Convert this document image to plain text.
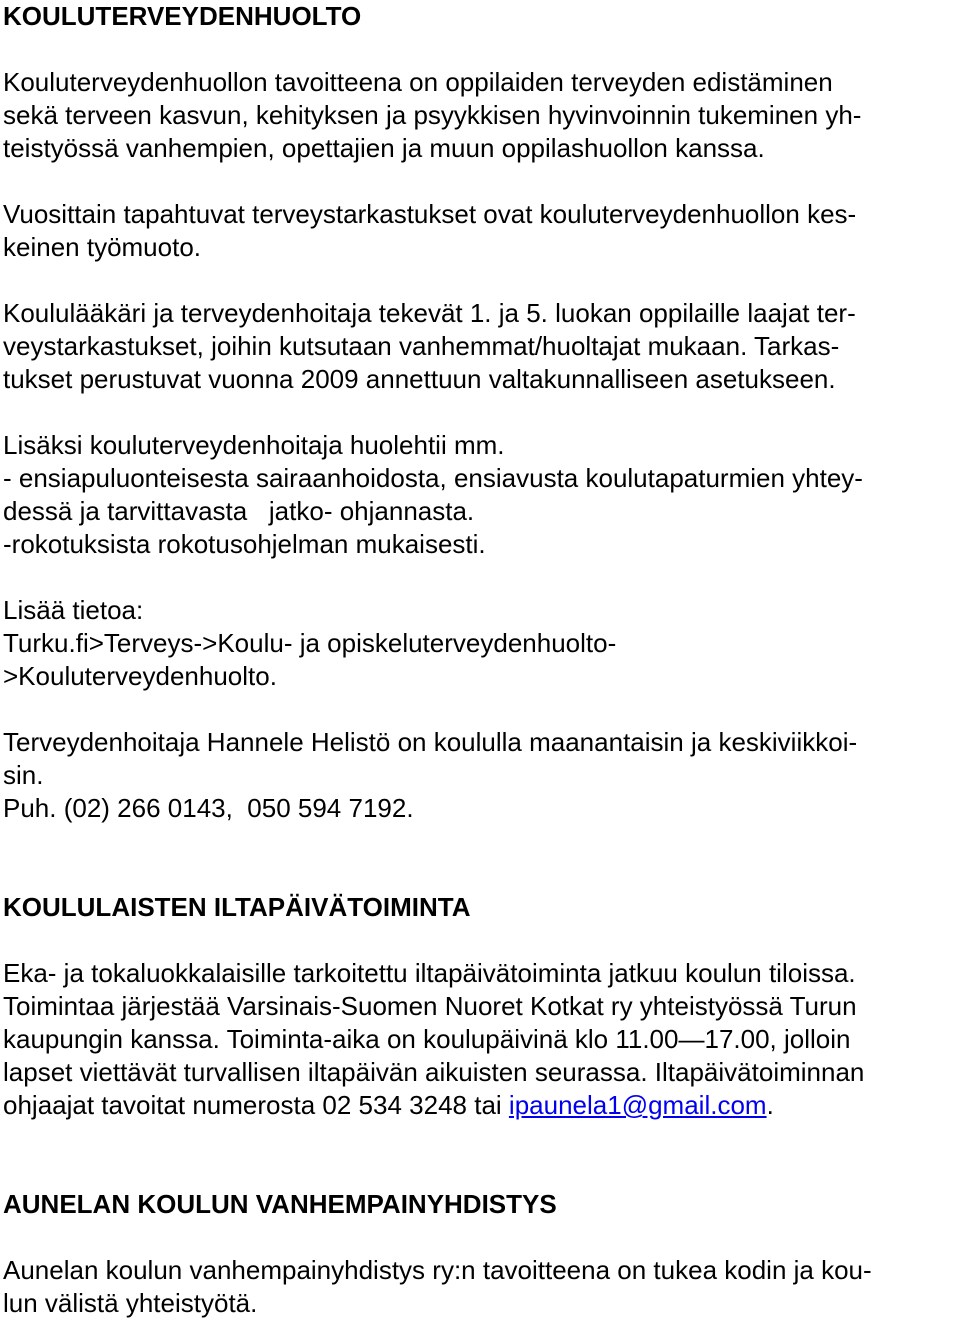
KOULUTERVEYDENHUOLTO
Kouluterveydenhuollon tavoitteena on oppilaiden terveyden edistäminen
sekä terveen kasvun, kehityksen ja psyykkisen hyvinvoinnin tukeminen yh-
teistyössä vanhempien, opettajien ja muun oppilashuollon kanssa.
Vuosittain tapahtuvat terveystarkastukset ovat kouluterveydenhuollon kes-
keinen työmuoto.
Koululääkäri ja terveydenhoitaja tekevät 1. ja 5. luokan oppilaille laajat ter-
veystarkastukset, joihin kutsutaan vanhemmat/huoltajat mukaan. Tarkas-
tukset perustuvat vuonna 2009 annettuun valtakunnalliseen asetukseen.
Lisäksi kouluterveydenhoitaja huolehtii mm.
- ensiapuluonteisesta sairaanhoidosta, ensiavusta koulutapaturmien yhtey-
dessä ja tarvittavasta   jatko- ohjannasta.
-rokotuksista rokotusohjelman mukaisesti.
Lisää tietoa:
Turku.fi>Terveys->Koulu- ja opiskeluterveydenhuolto-
>Kouluterveydenhuolto.
Terveydenhoitaja Hannele Helistö on koululla maanantaisin ja keskiviikkoi-
sin.
Puh. (02) 266 0143,  050 594 7192.
KOULULAISTEN ILTAPÄIVÄTOIMINTA
Eka- ja tokaluokkalaisille tarkoitettu iltapäivätoiminta jatkuu koulun tiloissa.
Toimintaa järjestää Varsinais-Suomen Nuoret Kotkat ry yhteistyössä Turun
kaupungin kanssa. Toiminta-aika on koulupäivinä klo 11.00—17.00, jolloin
lapset viettävät turvallisen iltapäivän aikuisten seurassa. Iltapäivätoiminnan
ohjaajat tavoitat numerosta 02 534 3248 tai ipaunela1@gmail.com.
AUNELAN KOULUN VANHEMPAINYHDISTYS
Aunelan koulun vanhempainyhdistys ry:n tavoitteena on tukea kodin ja kou-
lun välistä yhteistyötä.
